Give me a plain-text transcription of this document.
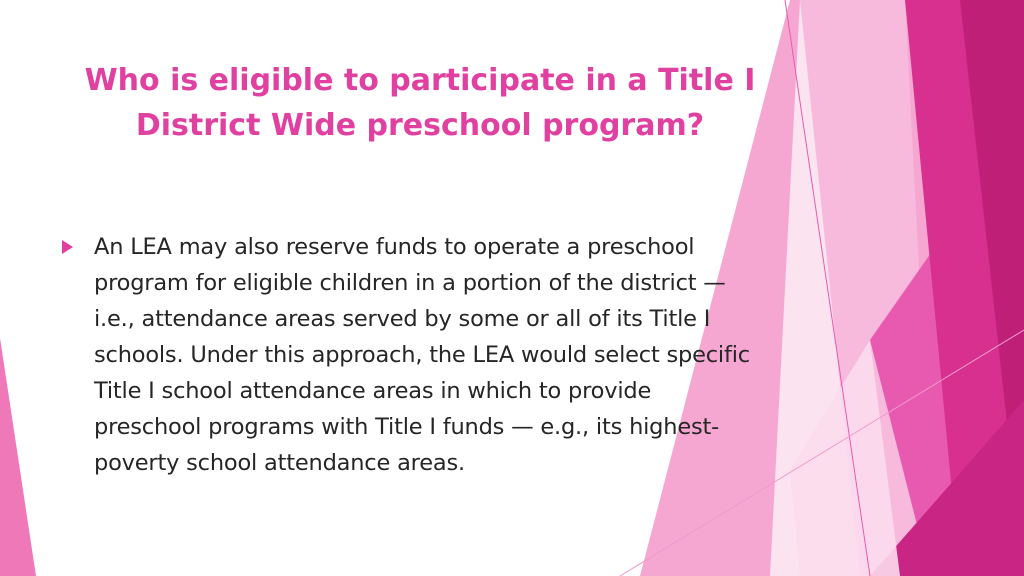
Who is eligible to participate in a Title I District Wide preschool program?

An LEA may also reserve funds to operate a preschool program for eligible children in a portion of the district — i.e., attendance areas served by some or all of its Title I schools. Under this approach, the LEA would select specific Title I school attendance areas in which to provide preschool programs with Title I funds — e.g., its highest-poverty school attendance areas.
